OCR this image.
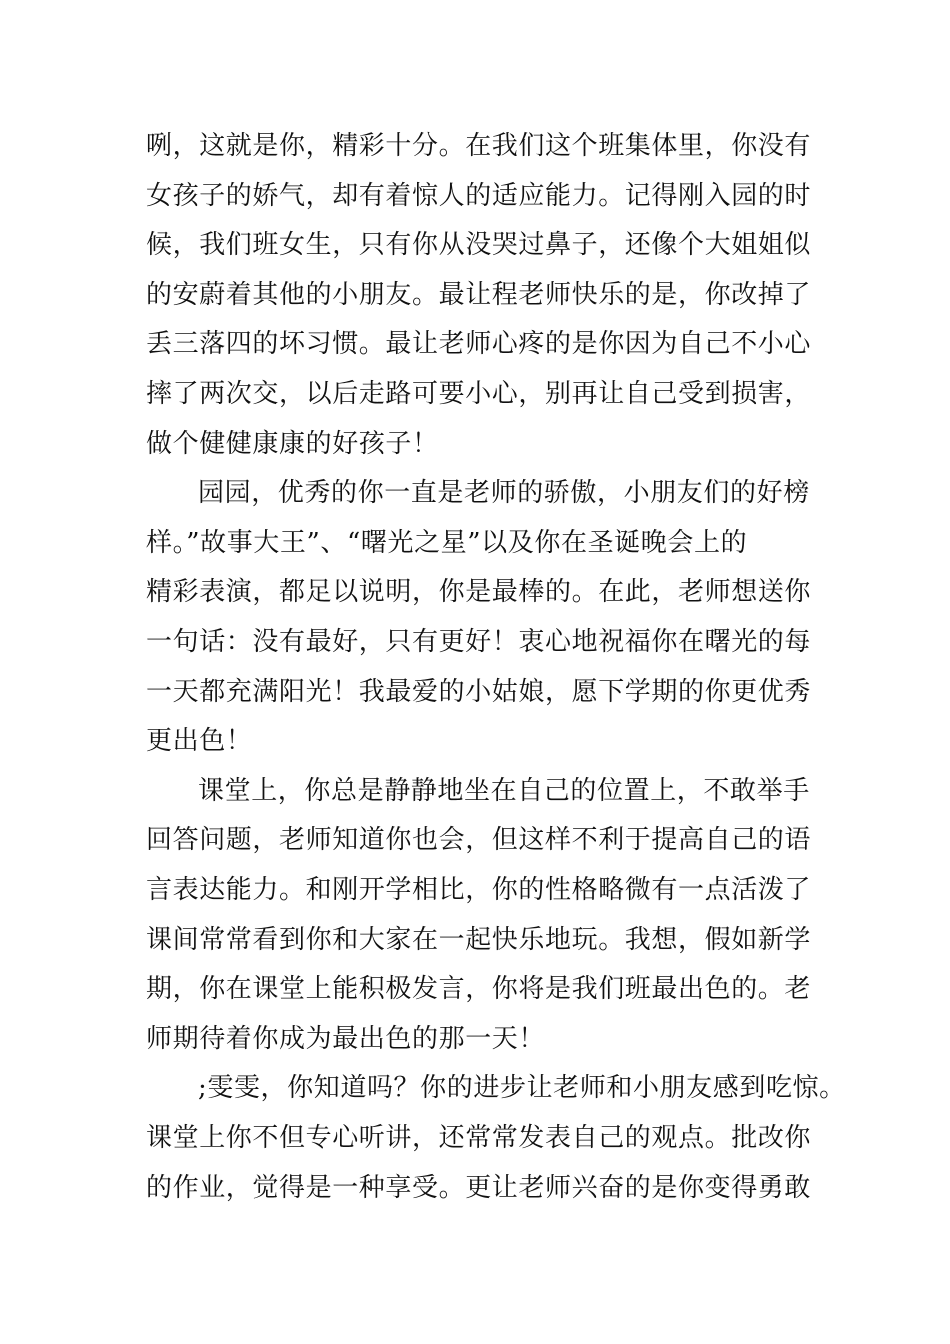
咧，这就是你，精彩十分。在我们这个班集体里，你没有
女孩子的娇气，却有着惊人的适应能力。记得刚入园的时
候，我们班女生，只有你从没哭过鼻子，还像个大姐姐似
的安蔚着其他的小朋友。最让程老师快乐的是，你改掉了
丢三落四的坏习惯。最让老师心疼的是你因为自己不小心
摔了两次交，以后走路可要小心，别再让自己受到损害，
做个健健康康的好孩子！
园园，优秀的你一直是老师的骄傲，小朋友们的好榜
样。”故事大王”、“曙光之星”以及你在圣诞晚会上的
精彩表演，都足以说明，你是最棒的。在此，老师想送你
一句话：没有最好，只有更好！衷心地祝福你在曙光的每
一天都充满阳光！我最爱的小姑娘，愿下学期的你更优秀
更出色！
课堂上，你总是静静地坐在自己的位置上，不敢举手
回答问题，老师知道你也会，但这样不利于提高自己的语
言表达能力。和刚开学相比，你的性格略微有一点活泼了
课间常常看到你和大家在一起快乐地玩。我想，假如新学
期，你在课堂上能积极发言，你将是我们班最出色的。老
师期待着你成为最出色的那一天！
;雯雯，你知道吗？你的进步让老师和小朋友感到吃惊。
课堂上你不但专心听讲，还常常发表自己的观点。批改你
的作业，觉得是一种享受。更让老师兴奋的是你变得勇敢
